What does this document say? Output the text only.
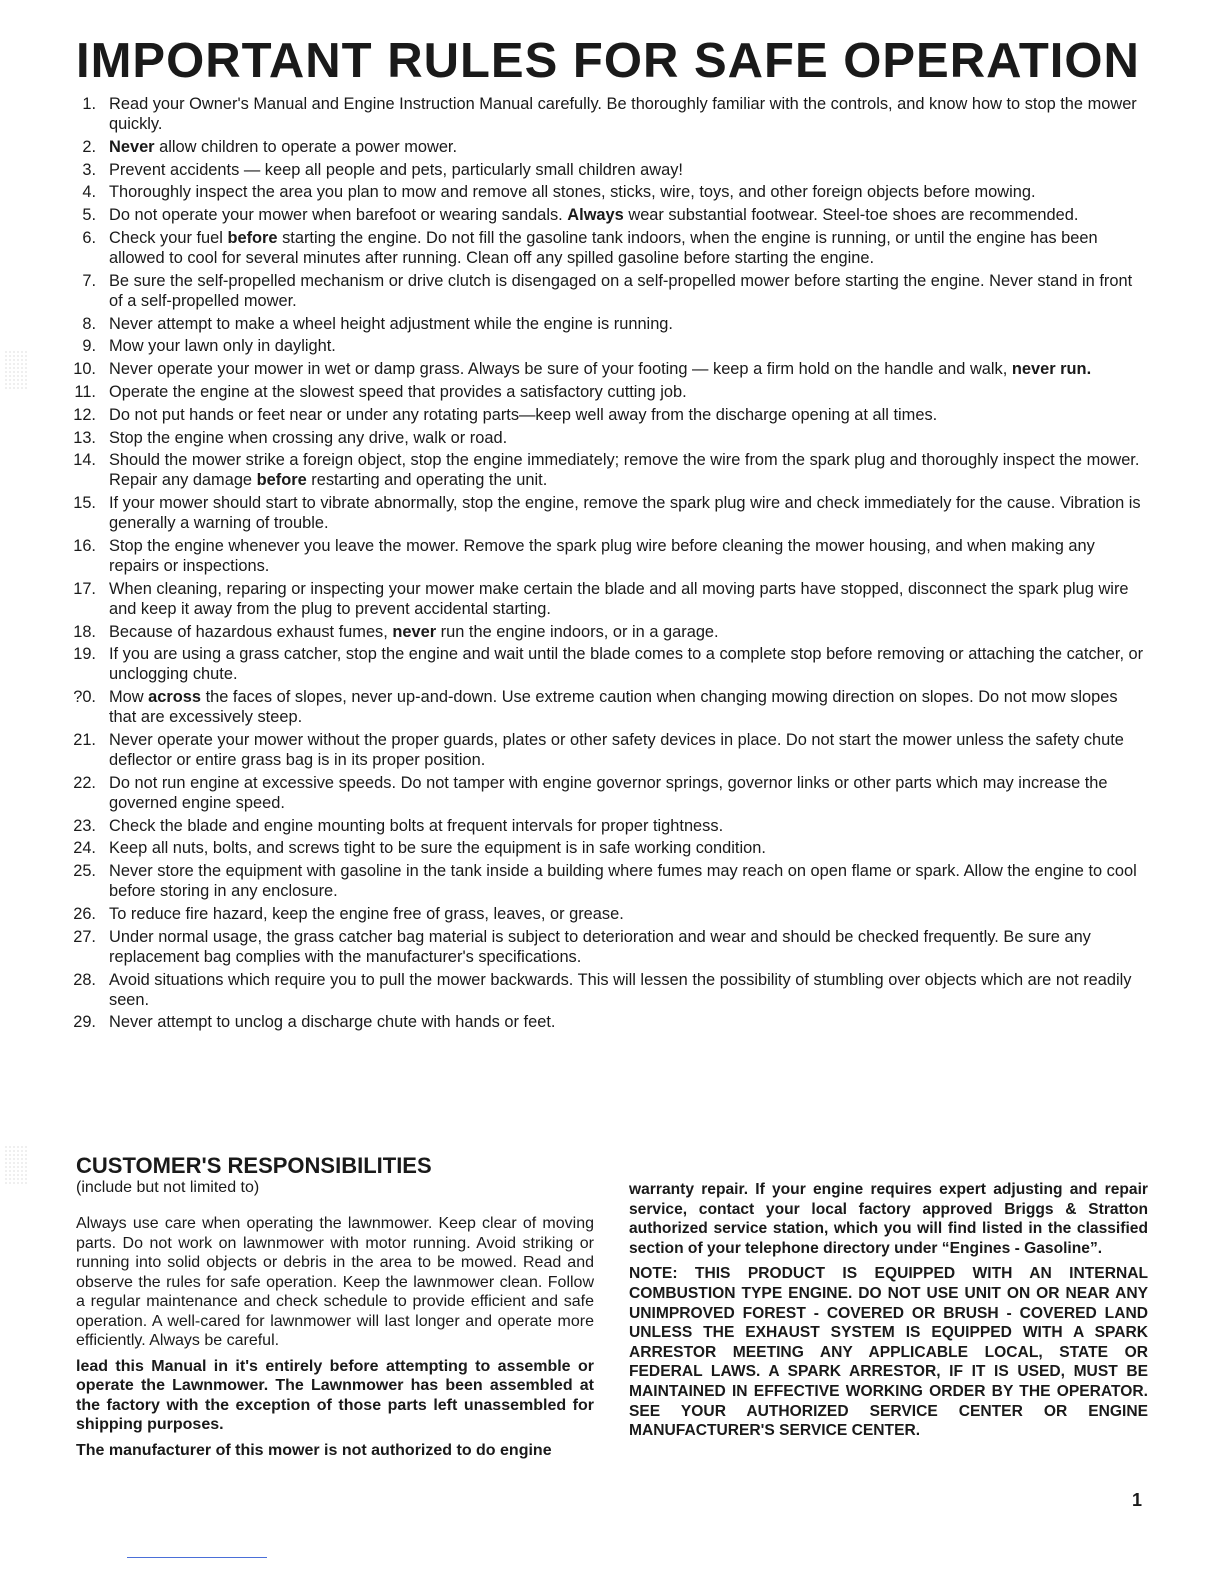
IMPORTANT RULES FOR SAFE OPERATION
1. Read your Owner's Manual and Engine Instruction Manual carefully. Be thoroughly familiar with the controls, and know how to stop the mower quickly.
2. Never allow children to operate a power mower.
3. Prevent accidents — keep all people and pets, particularly small children away!
4. Thoroughly inspect the area you plan to mow and remove all stones, sticks, wire, toys, and other foreign objects before mowing.
5. Do not operate your mower when barefoot or wearing sandals. Always wear substantial footwear. Steel-toe shoes are recommended.
6. Check your fuel before starting the engine. Do not fill the gasoline tank indoors, when the engine is running, or until the engine has been allowed to cool for several minutes after running. Clean off any spilled gasoline before starting the engine.
7. Be sure the self-propelled mechanism or drive clutch is disengaged on a self-propelled mower before starting the engine. Never stand in front of a self-propelled mower.
8. Never attempt to make a wheel height adjustment while the engine is running.
9. Mow your lawn only in daylight.
10. Never operate your mower in wet or damp grass. Always be sure of your footing — keep a firm hold on the handle and walk, never run.
11. Operate the engine at the slowest speed that provides a satisfactory cutting job.
12. Do not put hands or feet near or under any rotating parts—keep well away from the discharge opening at all times.
13. Stop the engine when crossing any drive, walk or road.
14. Should the mower strike a foreign object, stop the engine immediately; remove the wire from the spark plug and thoroughly inspect the mower. Repair any damage before restarting and operating the unit.
15. If your mower should start to vibrate abnormally, stop the engine, remove the spark plug wire and check immediately for the cause. Vibration is generally a warning of trouble.
16. Stop the engine whenever you leave the mower. Remove the spark plug wire before cleaning the mower housing, and when making any repairs or inspections.
17. When cleaning, reparing or inspecting your mower make certain the blade and all moving parts have stopped, disconnect the spark plug wire and keep it away from the plug to prevent accidental starting.
18. Because of hazardous exhaust fumes, never run the engine indoors, or in a garage.
19. If you are using a grass catcher, stop the engine and wait until the blade comes to a complete stop before removing or attaching the catcher, or unclogging chute.
?0. Mow across the faces of slopes, never up-and-down. Use extreme caution when changing mowing direction on slopes. Do not mow slopes that are excessively steep.
21. Never operate your mower without the proper guards, plates or other safety devices in place. Do not start the mower unless the safety chute deflector or entire grass bag is in its proper position.
22. Do not run engine at excessive speeds. Do not tamper with engine governor springs, governor links or other parts which may increase the governed engine speed.
23. Check the blade and engine mounting bolts at frequent intervals for proper tightness.
24. Keep all nuts, bolts, and screws tight to be sure the equipment is in safe working condition.
25. Never store the equipment with gasoline in the tank inside a building where fumes may reach on open flame or spark. Allow the engine to cool before storing in any enclosure.
26. To reduce fire hazard, keep the engine free of grass, leaves, or grease.
27. Under normal usage, the grass catcher bag material is subject to deterioration and wear and should be checked frequently. Be sure any replacement bag complies with the manufacturer's specifications.
28. Avoid situations which require you to pull the mower backwards. This will lessen the possibility of stumbling over objects which are not readily seen.
29. Never attempt to unclog a discharge chute with hands or feet.
CUSTOMER'S RESPONSIBILITIES
(include but not limited to)

Always use care when operating the lawnmower. Keep clear of moving parts. Do not work on lawnmower with motor running. Avoid striking or running into solid objects or debris in the area to be mowed. Read and observe the rules for safe operation. Keep the lawnmower clean. Follow a regular maintenance and check schedule to provide efficient and safe operation. A well-cared for lawnmower will last longer and operate more efficiently. Always be careful.

lead this Manual in it's entirely before attempting to assemble or operate the Lawnmower. The Lawnmower has been assembled at the factory with the exception of those parts left unassembled for shipping purposes.

The manufacturer of this mower is not authorized to do engine

warranty repair. If your engine requires expert adjusting and repair service, contact your local factory approved Briggs & Stratton authorized service station, which you will find listed in the classified section of your telephone directory under “Engines - Gasoline”.

NOTE: THIS PRODUCT IS EQUIPPED WITH AN INTERNAL COMBUSTION TYPE ENGINE. DO NOT USE UNIT ON OR NEAR ANY UNIMPROVED FOREST - COVERED OR BRUSH - COVERED LAND UNLESS THE EXHAUST SYSTEM IS EQUIPPED WITH A SPARK ARRESTOR MEETING ANY APPLICABLE LOCAL, STATE OR FEDERAL LAWS. A SPARK ARRESTOR, IF IT IS USED, MUST BE MAINTAINED IN EFFECTIVE WORKING ORDER BY THE OPERATOR. SEE YOUR AUTHORIZED SERVICE CENTER OR ENGINE MANUFACTURER'S SERVICE CENTER.

1
